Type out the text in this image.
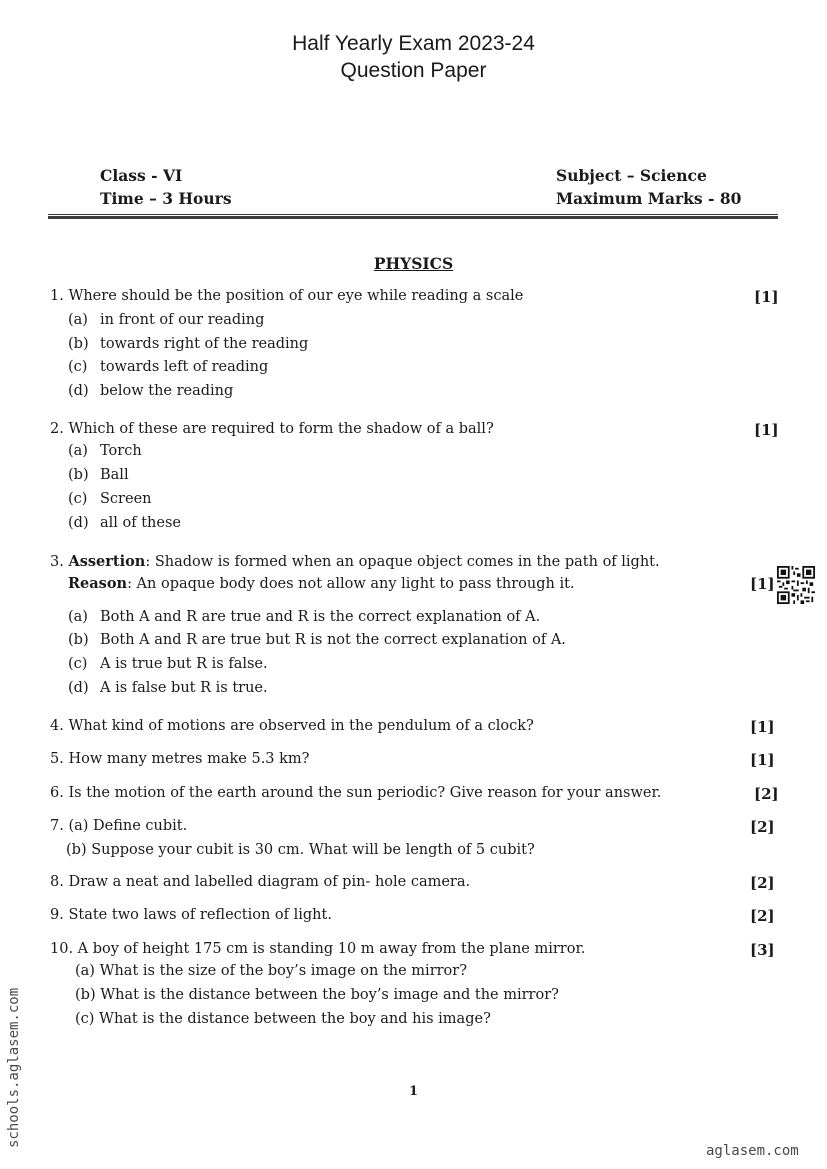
Half Yearly Exam 2023-24
Question Paper
Class - VI
Time – 3 Hours
Subject – Science
Maximum Marks - 80
PHYSICS
1. Where should be the position of our eye while reading a scale	[1]
(a) in front of our reading
(b) towards right of the reading
(c) towards left of reading
(d) below the reading
2. Which of these are required to form the shadow of a ball?	[1]
(a) Torch
(b) Ball
(c) Screen
(d) all of these
3. Assertion: Shadow is formed when an opaque object comes in the path of light.
Reason: An opaque body does not allow any light to pass through it.	[1]
(a) Both A and R are true and R is the correct explanation of A.
(b) Both A and R are true but R is not the correct explanation of A.
(c) A is true but R is false.
(d) A is false but R is true.
4. What kind of motions are observed in the pendulum of a clock?	[1]
5. How many metres make 5.3 km?	[1]
6. Is the motion of the earth around the sun periodic? Give reason for your answer.	[2]
7. (a) Define cubit.	[2]
(b) Suppose your cubit is 30 cm. What will be length of 5 cubit?
8. Draw a neat and labelled diagram of pin- hole camera.	[2]
9. State two laws of reflection of light.	[2]
10. A boy of height 175 cm is standing 10 m away from the plane mirror.	[3]
(a) What is the size of the boy’s image on the mirror?
(b) What is the distance between the boy’s image and the mirror?
(c) What is the distance between the boy and his image?
1
schools.aglasem.com
aglasem.com
